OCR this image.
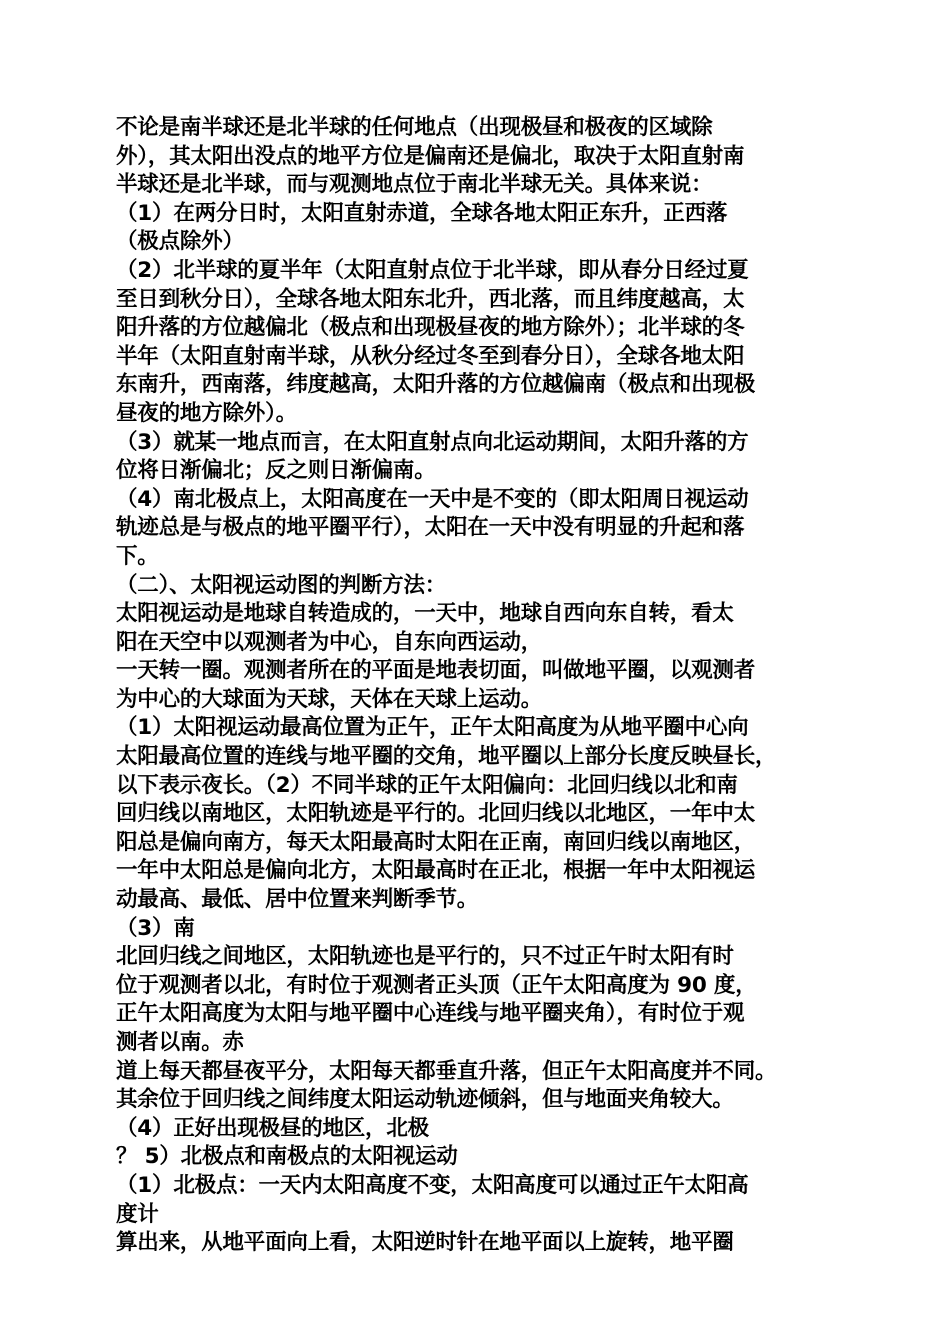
不论是南半球还是北半球的任何地点（出现极昼和极夜的区域除
外），其太阳出没点的地平方位是偏南还是偏北，取决于太阳直射南
半球还是北半球，而与观测地点位于南北半球无关。具体来说：
（1）在两分日时，太阳直射赤道，全球各地太阳正东升，正西落
（极点除外）
（2）北半球的夏半年（太阳直射点位于北半球，即从春分日经过夏
至日到秋分日），全球各地太阳东北升，西北落，而且纬度越高，太
阳升落的方位越偏北（极点和出现极昼夜的地方除外）；北半球的冬
半年（太阳直射南半球，从秋分经过冬至到春分日），全球各地太阳
东南升，西南落，纬度越高，太阳升落的方位越偏南（极点和出现极
昼夜的地方除外）。
（3）就某一地点而言，在太阳直射点向北运动期间，太阳升落的方
位将日渐偏北；反之则日渐偏南。
（4）南北极点上，太阳高度在一天中是不变的（即太阳周日视运动
轨迹总是与极点的地平圈平行），太阳在一天中没有明显的升起和落
下。
（二）、太阳视运动图的判断方法：
太阳视运动是地球自转造成的，一天中，地球自西向东自转，看太
阳在天空中以观测者为中心，自东向西运动，
一天转一圈。观测者所在的平面是地表切面，叫做地平圈，以观测者
为中心的大球面为天球，天体在天球上运动。
（1）太阳视运动最高位置为正午，正午太阳高度为从地平圈中心向
太阳最高位置的连线与地平圈的交角，地平圈以上部分长度反映昼长，
以下表示夜长。（2）不同半球的正午太阳偏向：北回归线以北和南
回归线以南地区，太阳轨迹是平行的。北回归线以北地区，一年中太
阳总是偏向南方，每天太阳最高时太阳在正南，南回归线以南地区，
一年中太阳总是偏向北方，太阳最高时在正北，根据一年中太阳视运
动最高、最低、居中位置来判断季节。
（3）南
北回归线之间地区，太阳轨迹也是平行的，只不过正午时太阳有时
位于观测者以北，有时位于观测者正头顶（正午太阳高度为 90 度，
正午太阳高度为太阳与地平圈中心连线与地平圈夹角），有时位于观
测者以南。赤
道上每天都昼夜平分，太阳每天都垂直升落，但正午太阳高度并不同。
其余位于回归线之间纬度太阳运动轨迹倾斜，但与地面夹角较大。
（4）正好出现极昼的地区，北极
？ 5）北极点和南极点的太阳视运动
（1）北极点：一天内太阳高度不变，太阳高度可以通过正午太阳高
度计
算出来，从地平面向上看，太阳逆时针在地平面以上旋转，地平圈
